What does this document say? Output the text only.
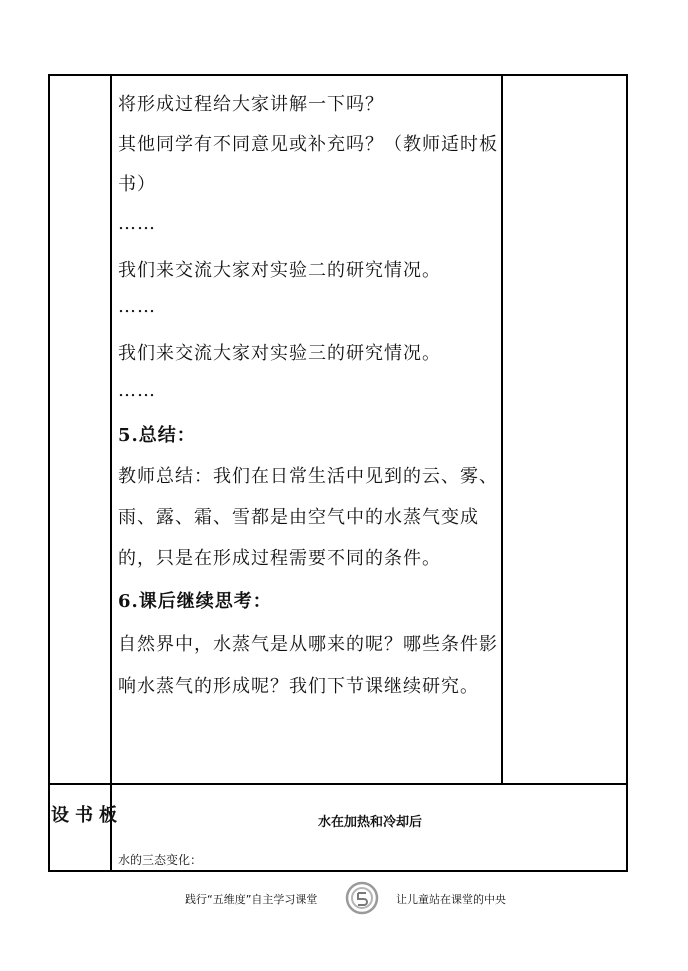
将形成过程给大家讲解一下吗？

其他同学有不同意见或补充吗？（教师适时板

书）

……

我们来交流大家对实验二的研究情况。

……

我们来交流大家对实验三的研究情况。

……

5.总结：

教师总结：我们在日常生活中见到的云、雾、

雨、露、霜、雪都是由空气中的水蒸气变成

的，只是在形成过程需要不同的条件。

6.课后继续思考：

自然界中，水蒸气是从哪来的呢？哪些条件影

响水蒸气的形成呢？我们下节课继续研究。

设书板	水在加热和冷却后
水的三态变化：
践行“五维度”自主学习课堂	让儿童站在课堂的中央
